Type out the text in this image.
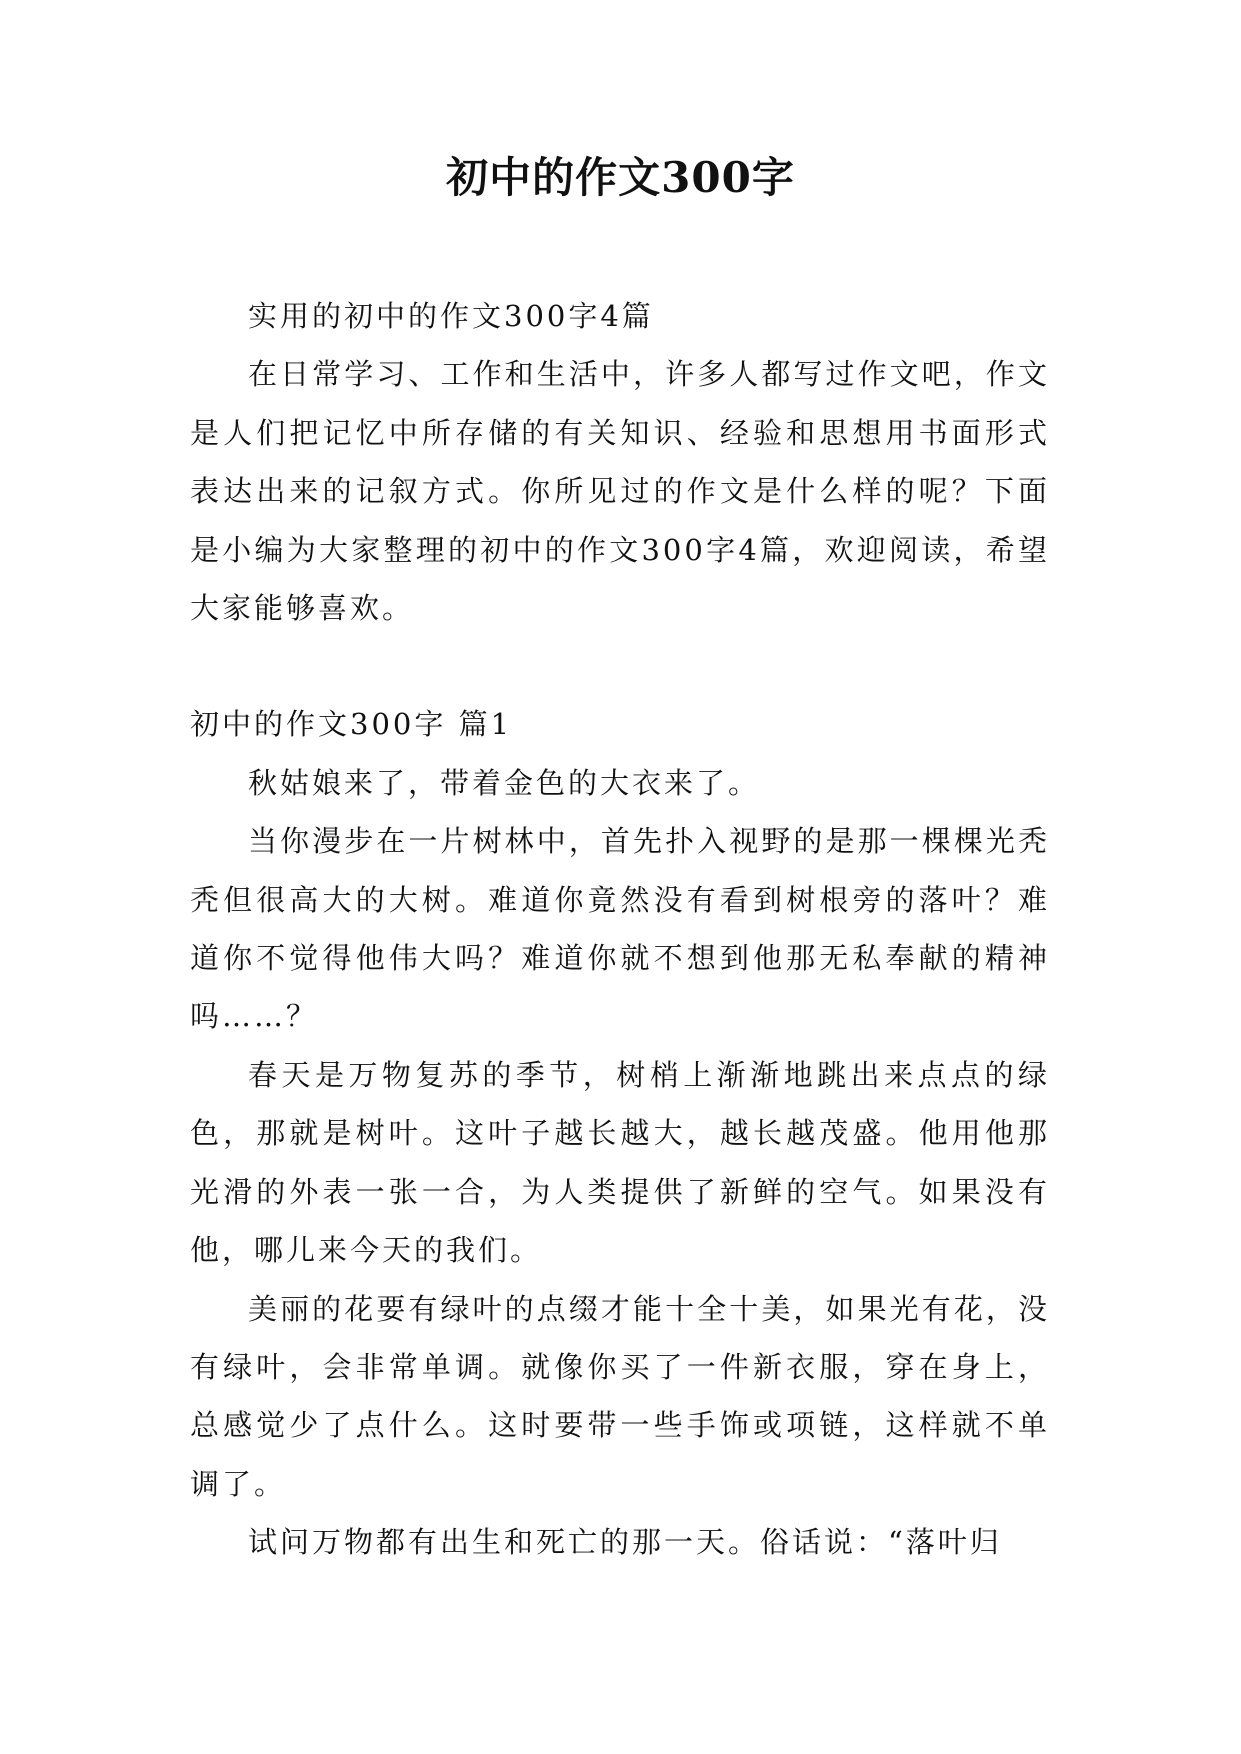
初中的作文300字

实用的初中的作文300字4篇

在日常学习、工作和生活中，许多人都写过作文吧，作文是人们把记忆中所存储的有关知识、经验和思想用书面形式表达出来的记叙方式。你所见过的作文是什么样的呢？下面是小编为大家整理的初中的作文300字4篇，欢迎阅读，希望大家能够喜欢。

初中的作文300字 篇1

秋姑娘来了，带着金色的大衣来了。

当你漫步在一片树林中，首先扑入视野的是那一棵棵光秃秃但很高大的大树。难道你竟然没有看到树根旁的落叶？难道你不觉得他伟大吗？难道你就不想到他那无私奉献的精神吗……？

春天是万物复苏的季节，树梢上渐渐地跳出来点点的绿色，那就是树叶。这叶子越长越大，越长越茂盛。他用他那光滑的外表一张一合，为人类提供了新鲜的空气。如果没有他，哪儿来今天的我们。

美丽的花要有绿叶的点缀才能十全十美，如果光有花，没有绿叶，会非常单调。就像你买了一件新衣服，穿在身上，总感觉少了点什么。这时要带一些手饰或项链，这样就不单调了。

试问万物都有出生和死亡的那一天。俗话说：“落叶归
